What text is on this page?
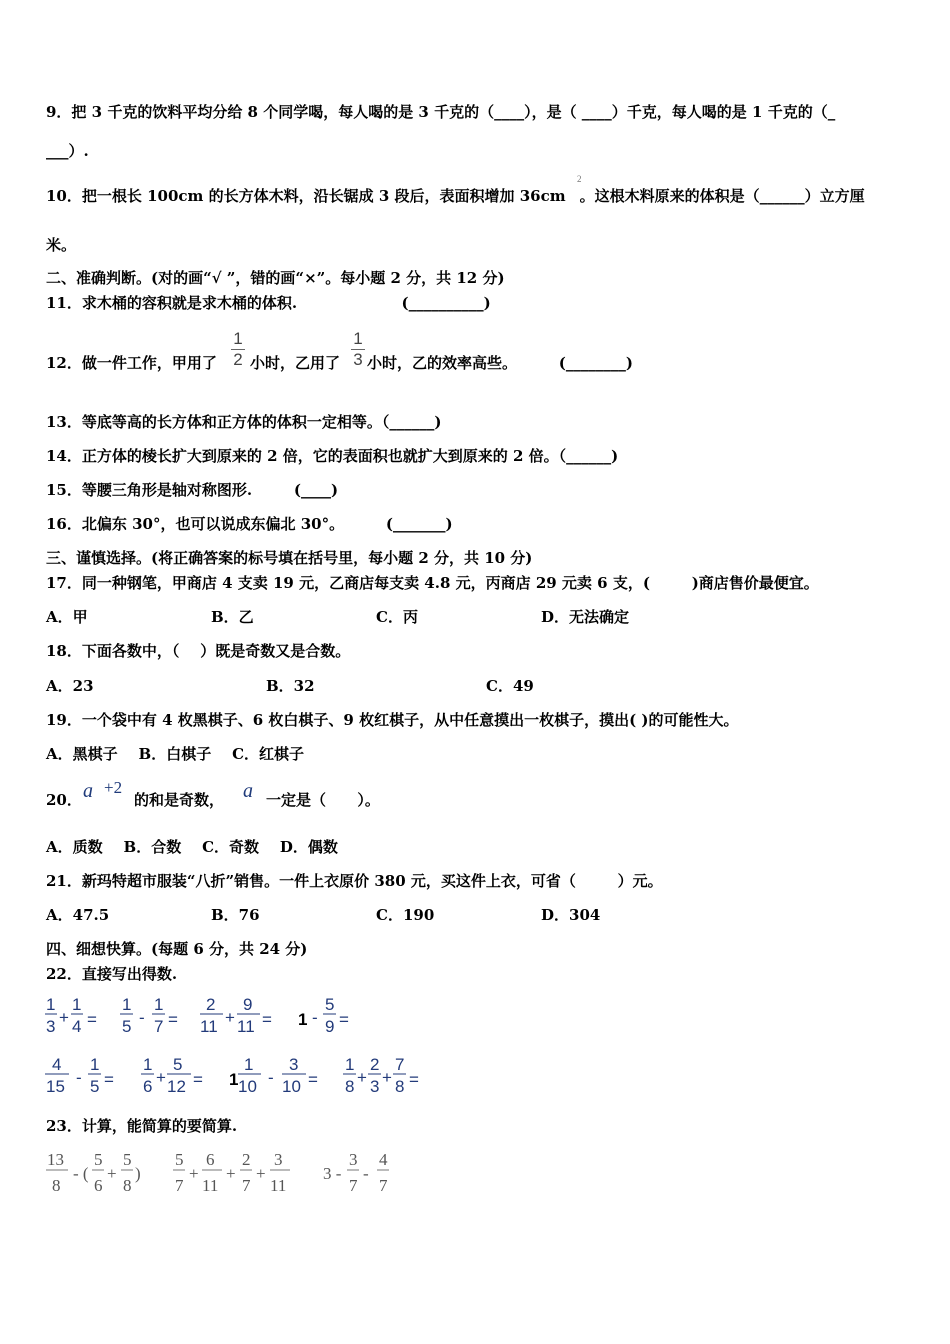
9．把 3 千克的饮料平均分给 8 个同学喝，每人喝的是 3 千克的（____），是（ ____）千克，每人喝的是 1 千克的（_
___）.
10．把一根长 100cm 的长方体木料，沿长锯成 3 段后，表面积增加 36cm 。这根木料原来的体积是（______）立方厘
2
米。
二、准确判断。(对的画“√ ”，错的画“×”。每小题 2 分，共 12 分)
11．求木桶的容积就是求木桶的体积.                    (__________)
12．做一件工作，甲用了
1
2 小时，乙用了
1
3 小时，乙的效率高些。        (________)
13．等底等高的长方体和正方体的体积一定相等。（______)
14．正方体的棱长扩大到原来的 2 倍，它的表面积也就扩大到原来的 2 倍。（______)
15．等腰三角形是轴对称图形.        (____)
16．北偏东 30°，也可以说成东偏北 30°。        (_______)
三、谨慎选择。(将正确答案的标号填在括号里，每小题 2 分，共 10 分)
17．同一种钢笔，甲商店 4 支卖 19 元，乙商店每支卖 4.8 元，丙商店 29 元卖 6 支，(        )商店售价最便宜。
A．甲	B．乙	C．丙	D．无法确定
18．下面各数中，（    ）既是奇数又是合数。
A．23	B．32	C．49
19．一个袋中有 4 枚黑棋子、6 枚白棋子、9 枚红棋子，从中任意摸出一枚棋子，摸出( )的可能性大。
A．黑棋子    B．白棋子    C．红棋子
20． a +2
的和是奇数， a 一定是（      ）。
A．质数    B．合数    C．奇数    D．偶数
21．新玛特超市服装“八折”销售。一件上衣原价 380 元，买这件上衣，可省（        ）元。
A．47.5	B．76	C．190	D．304
四、细想快算。(每题 6 分，共 24 分)
22．直接写出得数.
1
3 +
1
4 =
1
5 -
1
7 =
2
11 +
9
11 = 1 -
5
9 =
4
15 -
1
5 =
1
6 +
5
12 = 1
1
10 -
3
10 =
1
8 +
2
3 +
7
8 =
23．计算，能简算的要简算.
13
8
- (
5
6
+
5
8
)
5
7
+
6
11
+
2
7
+
3
11
3 -
3
7
-
4
7
